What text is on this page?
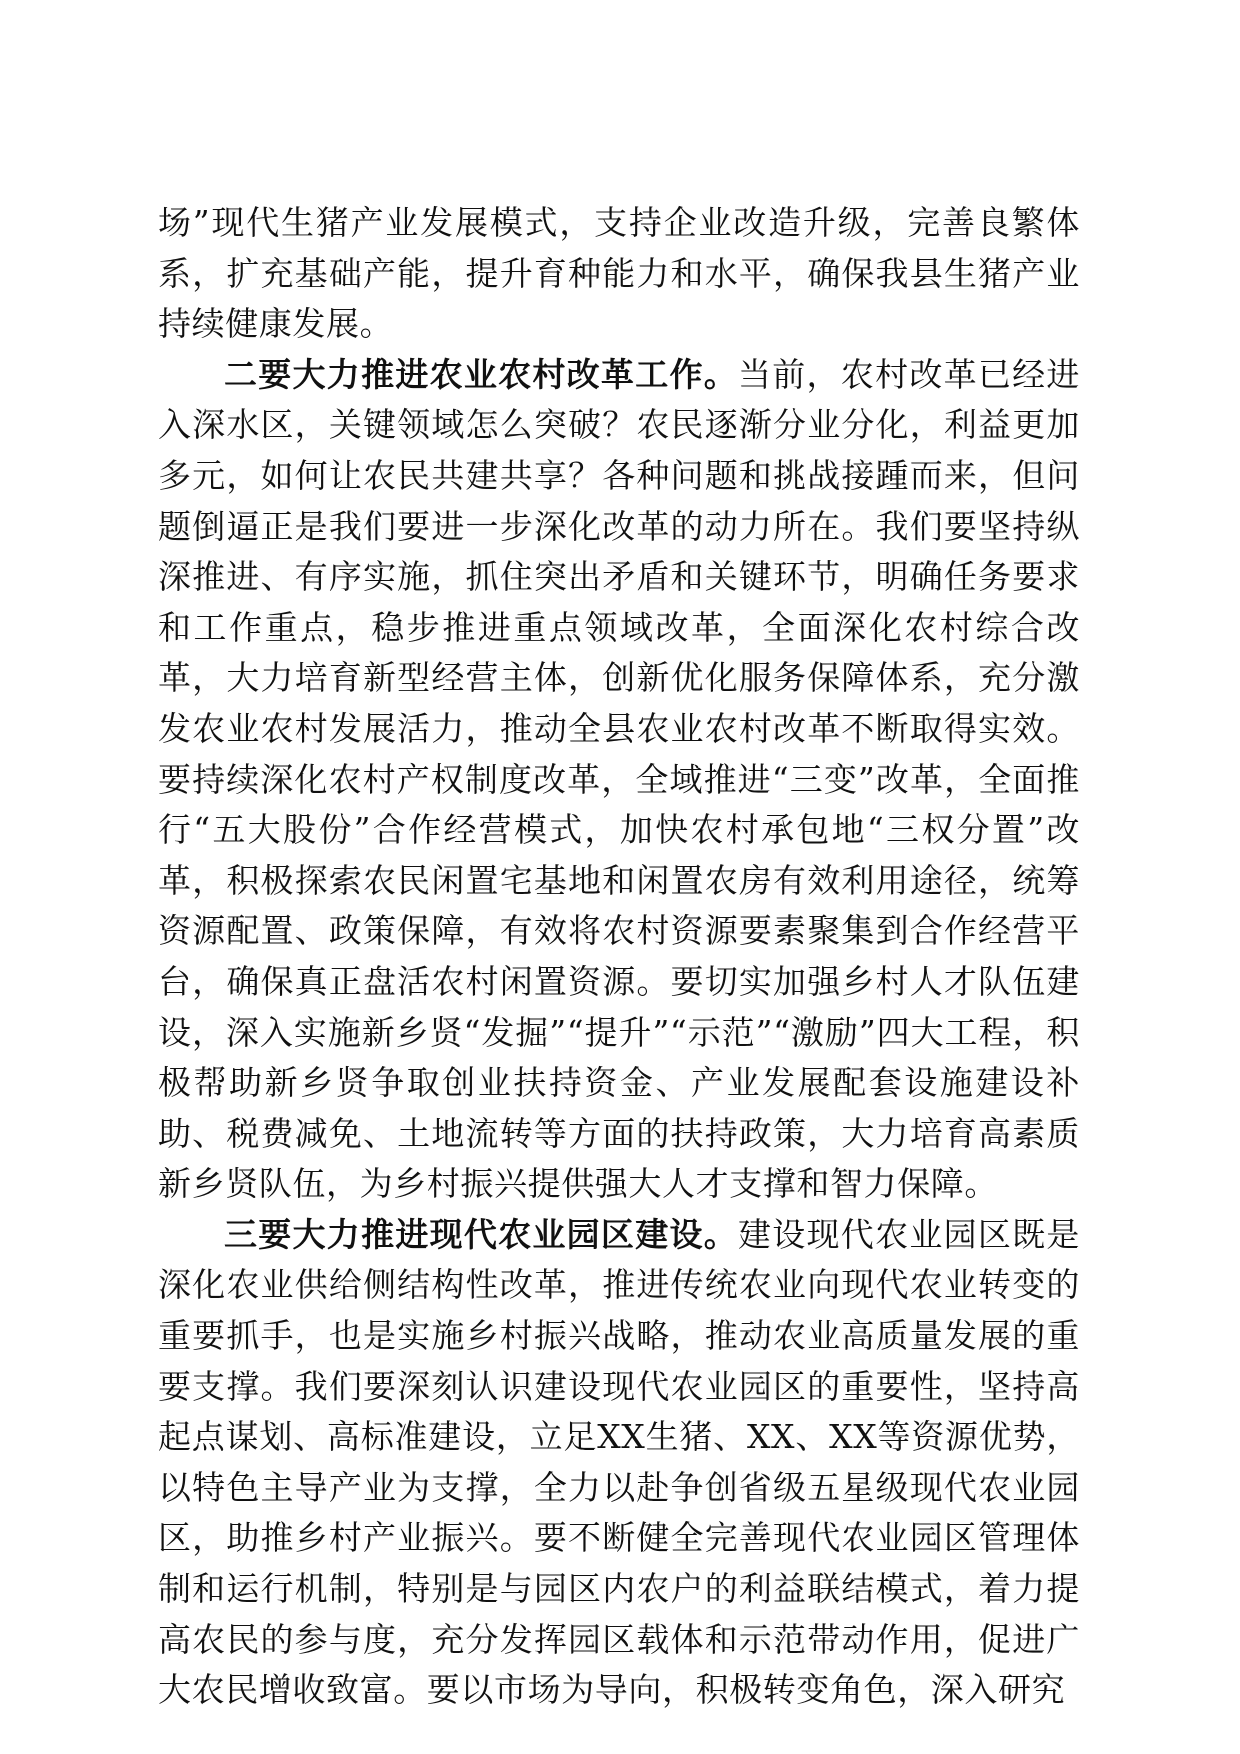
场”现代生猪产业发展模式，支持企业改造升级，完善良繁体系，扩充基础产能，提升育种能力和水平，确保我县生猪产业持续健康发展。

二要大力推进农业农村改革工作。当前，农村改革已经进入深水区，关键领域怎么突破？农民逐渐分业分化，利益更加多元，如何让农民共建共享？各种问题和挑战接踵而来，但问题倒逼正是我们要进一步深化改革的动力所在。我们要坚持纵深推进、有序实施，抓住突出矛盾和关键环节，明确任务要求和工作重点，稳步推进重点领域改革，全面深化农村综合改革，大力培育新型经营主体，创新优化服务保障体系，充分激发农业农村发展活力，推动全县农业农村改革不断取得实效。要持续深化农村产权制度改革，全域推进“三变”改革，全面推行“五大股份”合作经营模式，加快农村承包地“三权分置”改革，积极探索农民闲置宅基地和闲置农房有效利用途径，统筹资源配置、政策保障，有效将农村资源要素聚集到合作经营平台，确保真正盘活农村闲置资源。要切实加强乡村人才队伍建设，深入实施新乡贤“发掘”“提升”“示范”“激励”四大工程，积极帮助新乡贤争取创业扶持资金、产业发展配套设施建设补助、税费减免、土地流转等方面的扶持政策，大力培育高素质新乡贤队伍，为乡村振兴提供强大人才支撑和智力保障。

三要大力推进现代农业园区建设。建设现代农业园区既是深化农业供给侧结构性改革，推进传统农业向现代农业转变的重要抓手，也是实施乡村振兴战略，推动农业高质量发展的重要支撑。我们要深刻认识建设现代农业园区的重要性，坚持高起点谋划、高标准建设，立足XX生猪、XX、XX等资源优势，以特色主导产业为支撑，全力以赴争创省级五星级现代农业园区，助推乡村产业振兴。要不断健全完善现代农业园区管理体制和运行机制，特别是与园区内农户的利益联结模式，着力提高农民的参与度，充分发挥园区载体和示范带动作用，促进广大农民增收致富。要以市场为导向，积极转变角色，深入研究
